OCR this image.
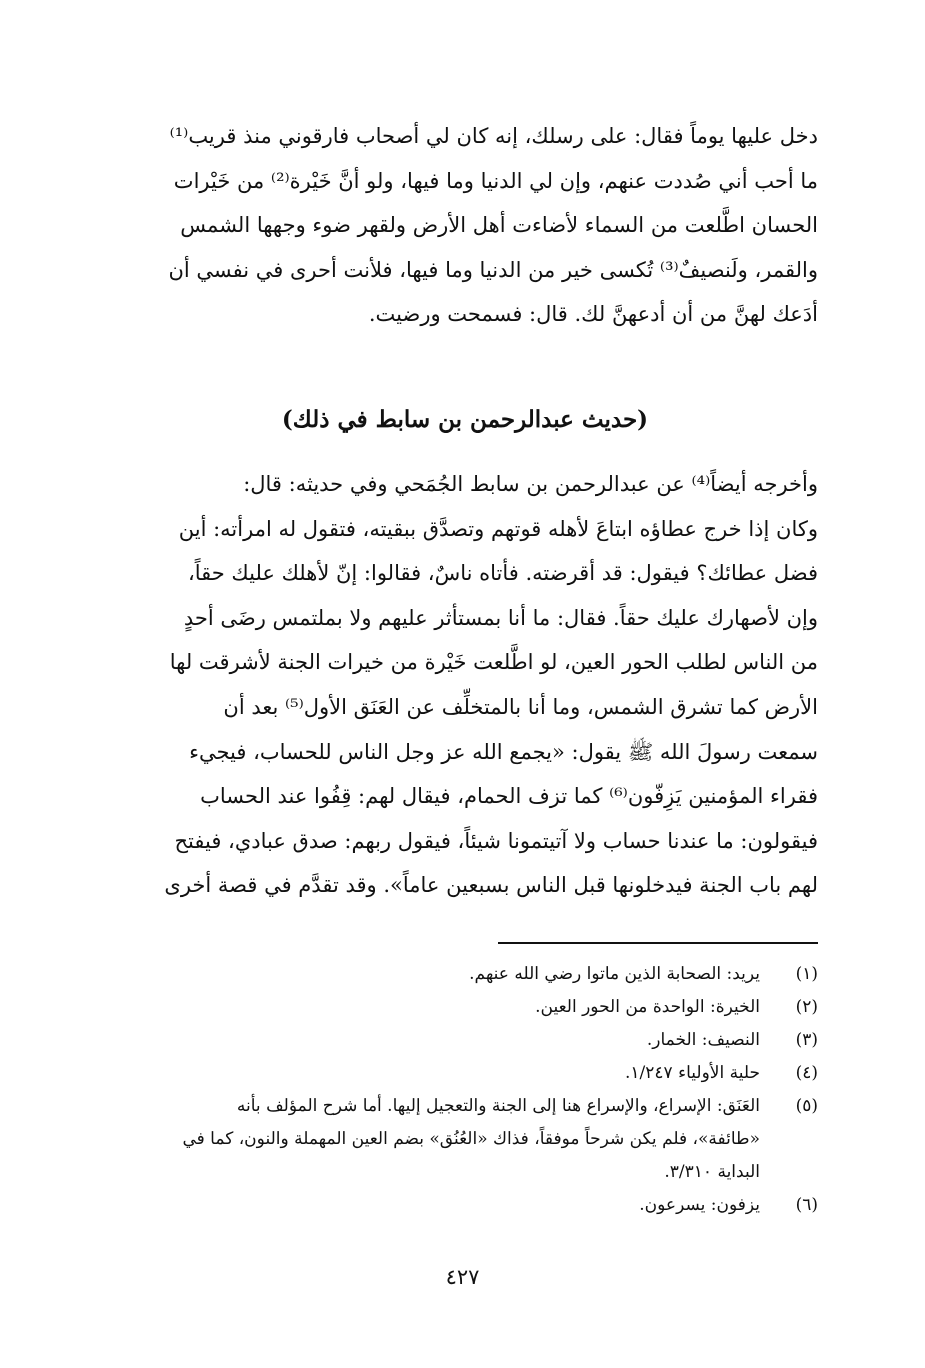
دخل عليها يوماً فقال: على رسلك، إنه كان لي أصحاب فارقوني منذ قريب⁽¹⁾
ما أحب أني صُددت عنهم، وإن لي الدنيا وما فيها، ولو أنَّ خَيْرة⁽²⁾ من خَيْرات
الحسان اطَّلعت من السماء لأضاءت أهل الأرض ولقهر ضوء وجهها الشمس
والقمر، ولَنصيفٌ⁽³⁾ تُكسى خير من الدنيا وما فيها، فلأنت أحرى في نفسي أن
أدَعك لهنَّ من أن أدعهنَّ لك. قال: فسمحت ورضيت.
(حديث عبدالرحمن بن سابط في ذلك)
وأخرجه أيضاً⁽⁴⁾ عن عبدالرحمن بن سابط الجُمَحي وفي حديثه: قال:
وكان إذا خرج عطاؤه ابتاعَ لأهله قوتهم وتصدَّق ببقيته، فتقول له امرأته: أين
فضل عطائك؟ فيقول: قد أقرضته. فأتاه ناسٌ، فقالوا: إنّ لأهلك عليك حقاً،
وإن لأصهارك عليك حقاً. فقال: ما أنا بمستأثر عليهم ولا بملتمس رضَى أحدٍ
من الناس لطلب الحور العين، لو اطَّلعت خَيْرة من خيرات الجنة لأشرقت لها
الأرض كما تشرق الشمس، وما أنا بالمتخلِّف عن العَنَق الأول⁽⁵⁾ بعد أن
سمعت رسولَ الله ﷺ يقول: «يجمع الله عز وجل الناس للحساب، فيجيء
فقراء المؤمنين يَزِفّون⁽⁶⁾ كما تزف الحمام، فيقال لهم: قِفُوا عند الحساب
فيقولون: ما عندنا حساب ولا آتيتمونا شيئاً، فيقول ربهم: صدق عبادي، فيفتح
لهم باب الجنة فيدخلونها قبل الناس بسبعين عاماً». وقد تقدَّم في قصة أخرى
(١)
يريد: الصحابة الذين ماتوا رضي الله عنهم.
(٢)
الخيرة: الواحدة من الحور العين.
(٣)
النصيف: الخمار.
(٤)
حلية الأولياء ١/٢٤٧.
(٥)
العَنَق: الإسراع، والإسراع هنا إلى الجنة والتعجيل إليها. أما شرح المؤلف بأنه
«طائفة»، فلم يكن شرحاً موفقاً، فذاك «العُنُق» بضم العين المهملة والنون، كما في
البداية ٣/٣١٠.
(٦)
يزفون: يسرعون.
٤٢٧
